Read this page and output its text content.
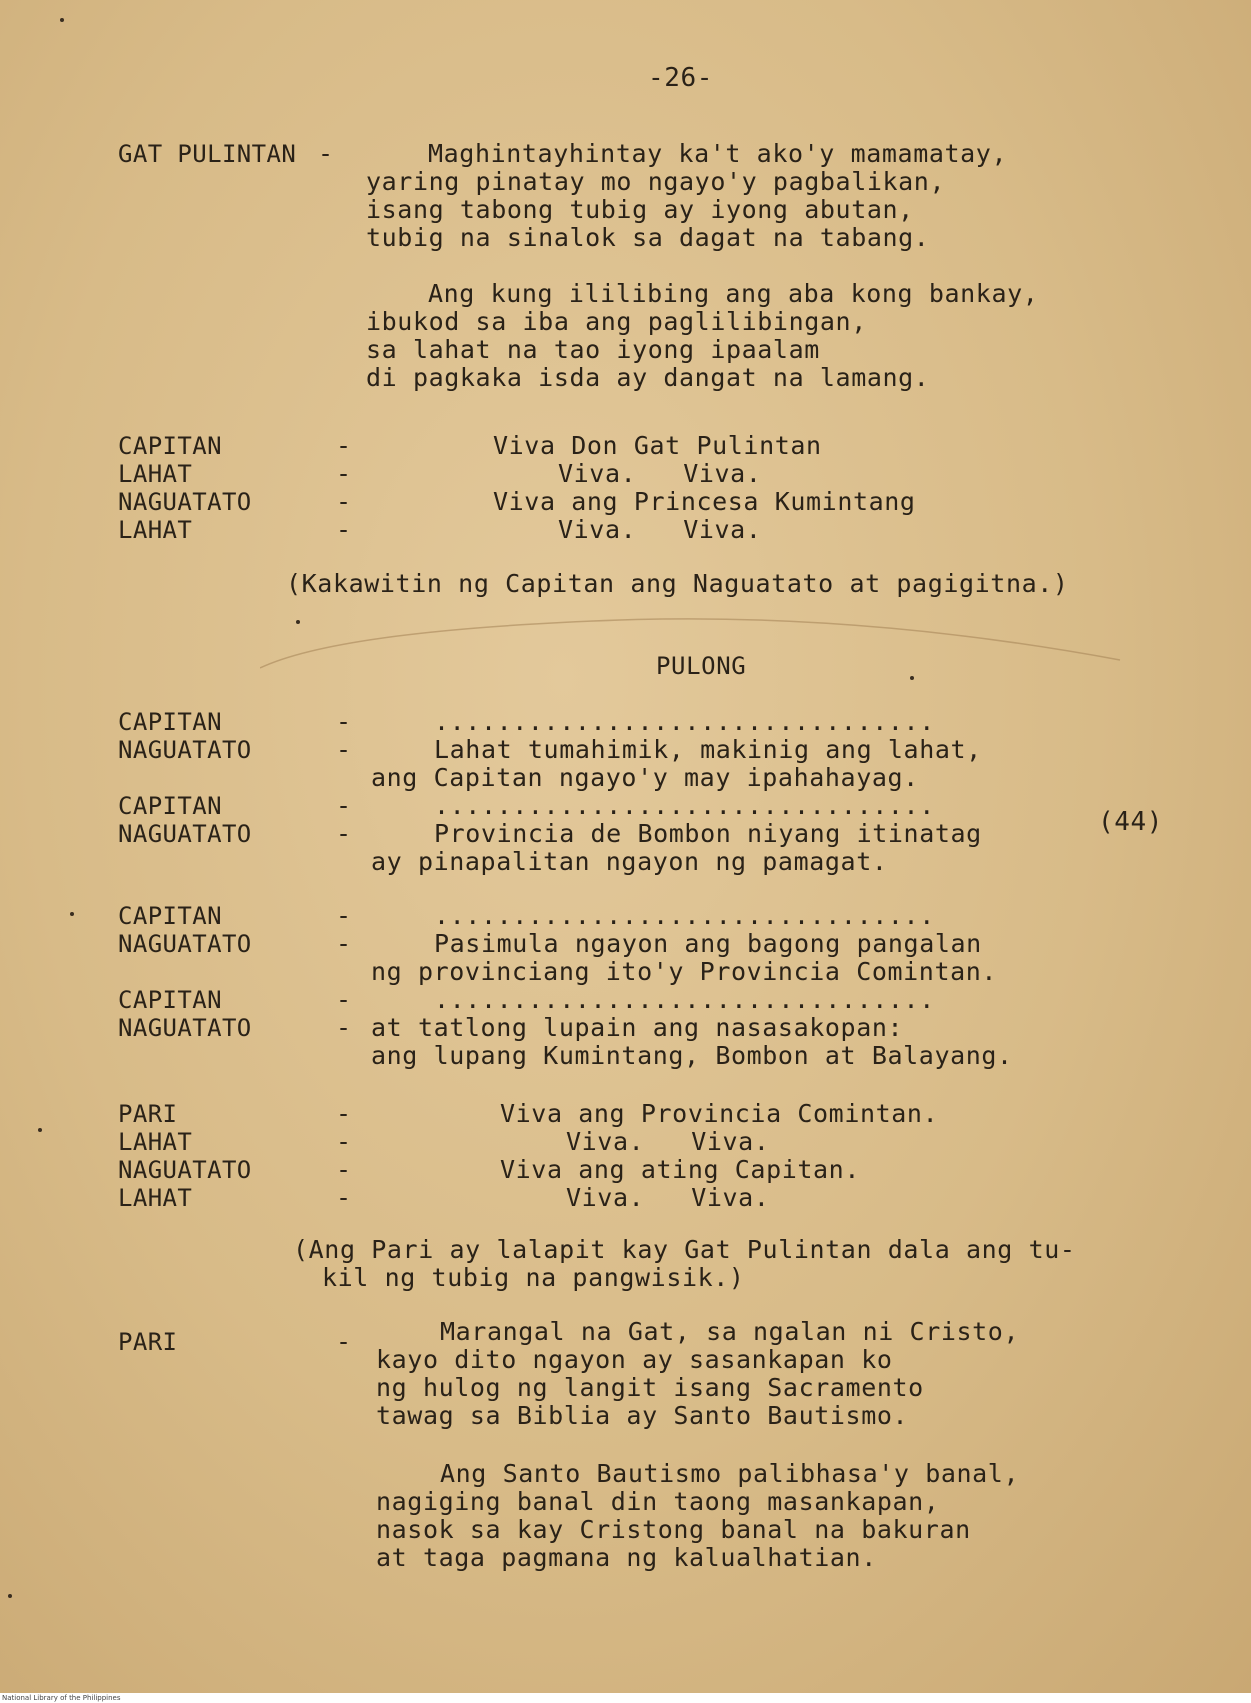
-26-
GAT PULINTAN -	Maghintayhintay ka't ako'y mamamatay,
yaring pinatay mo ngayo'y pagbalikan,
isang tabong tubig ay iyong abutan,
tubig na sinalok sa dagat na tabang.
Ang kung ililibing ang aba kong bankay,
ibukod sa iba ang paglilibingan,
sa lahat na tao iyong ipaalam
di pagkaka isda ay dangat na lamang.
CAPITAN	-	Viva Don Gat Pulintan
LAHAT	-	Viva.   Viva.
NAGUATATO	-	Viva ang Princesa Kumintang
LAHAT	-	Viva.   Viva.
(Kakawitin ng Capitan ang Naguatato at pagigitna.)
PULONG
CAPITAN	-	................................
NAGUATATO	-	Lahat tumahimik, makinig ang lahat,
ang Capitan ngayo'y may ipahahayag.
CAPITAN	-	................................
NAGUATATO	-	Provincia de Bombon niyang itinatag
ay pinapalitan ngayon ng pamagat.
(44)
CAPITAN	-	................................
NAGUATATO	-	Pasimula ngayon ang bagong pangalan
ng provinciang ito'y Provincia Comintan.
CAPITAN	-	................................
NAGUATATO	- at tatlong lupain ang nasasakopan:
ang lupang Kumintang, Bombon at Balayang.
PARI	-	Viva ang Provincia Comintan.
LAHAT	-	Viva.   Viva.
NAGUATATO	-	Viva ang ating Capitan.
LAHAT	-	Viva.   Viva.
(Ang Pari ay lalapit kay Gat Pulintan dala ang tu-
kil ng tubig na pangwisik.)
PARI	-	Marangal na Gat, sa ngalan ni Cristo,
kayo dito ngayon ay sasankapan ko
ng hulog ng langit isang Sacramento
tawag sa Biblia ay Santo Bautismo.
Ang Santo Bautismo palibhasa'y banal,
nagiging banal din taong masankapan,
nasok sa kay Cristong banal na bakuran
at taga pagmana ng kalualhatian.
National Library of the Philippines
